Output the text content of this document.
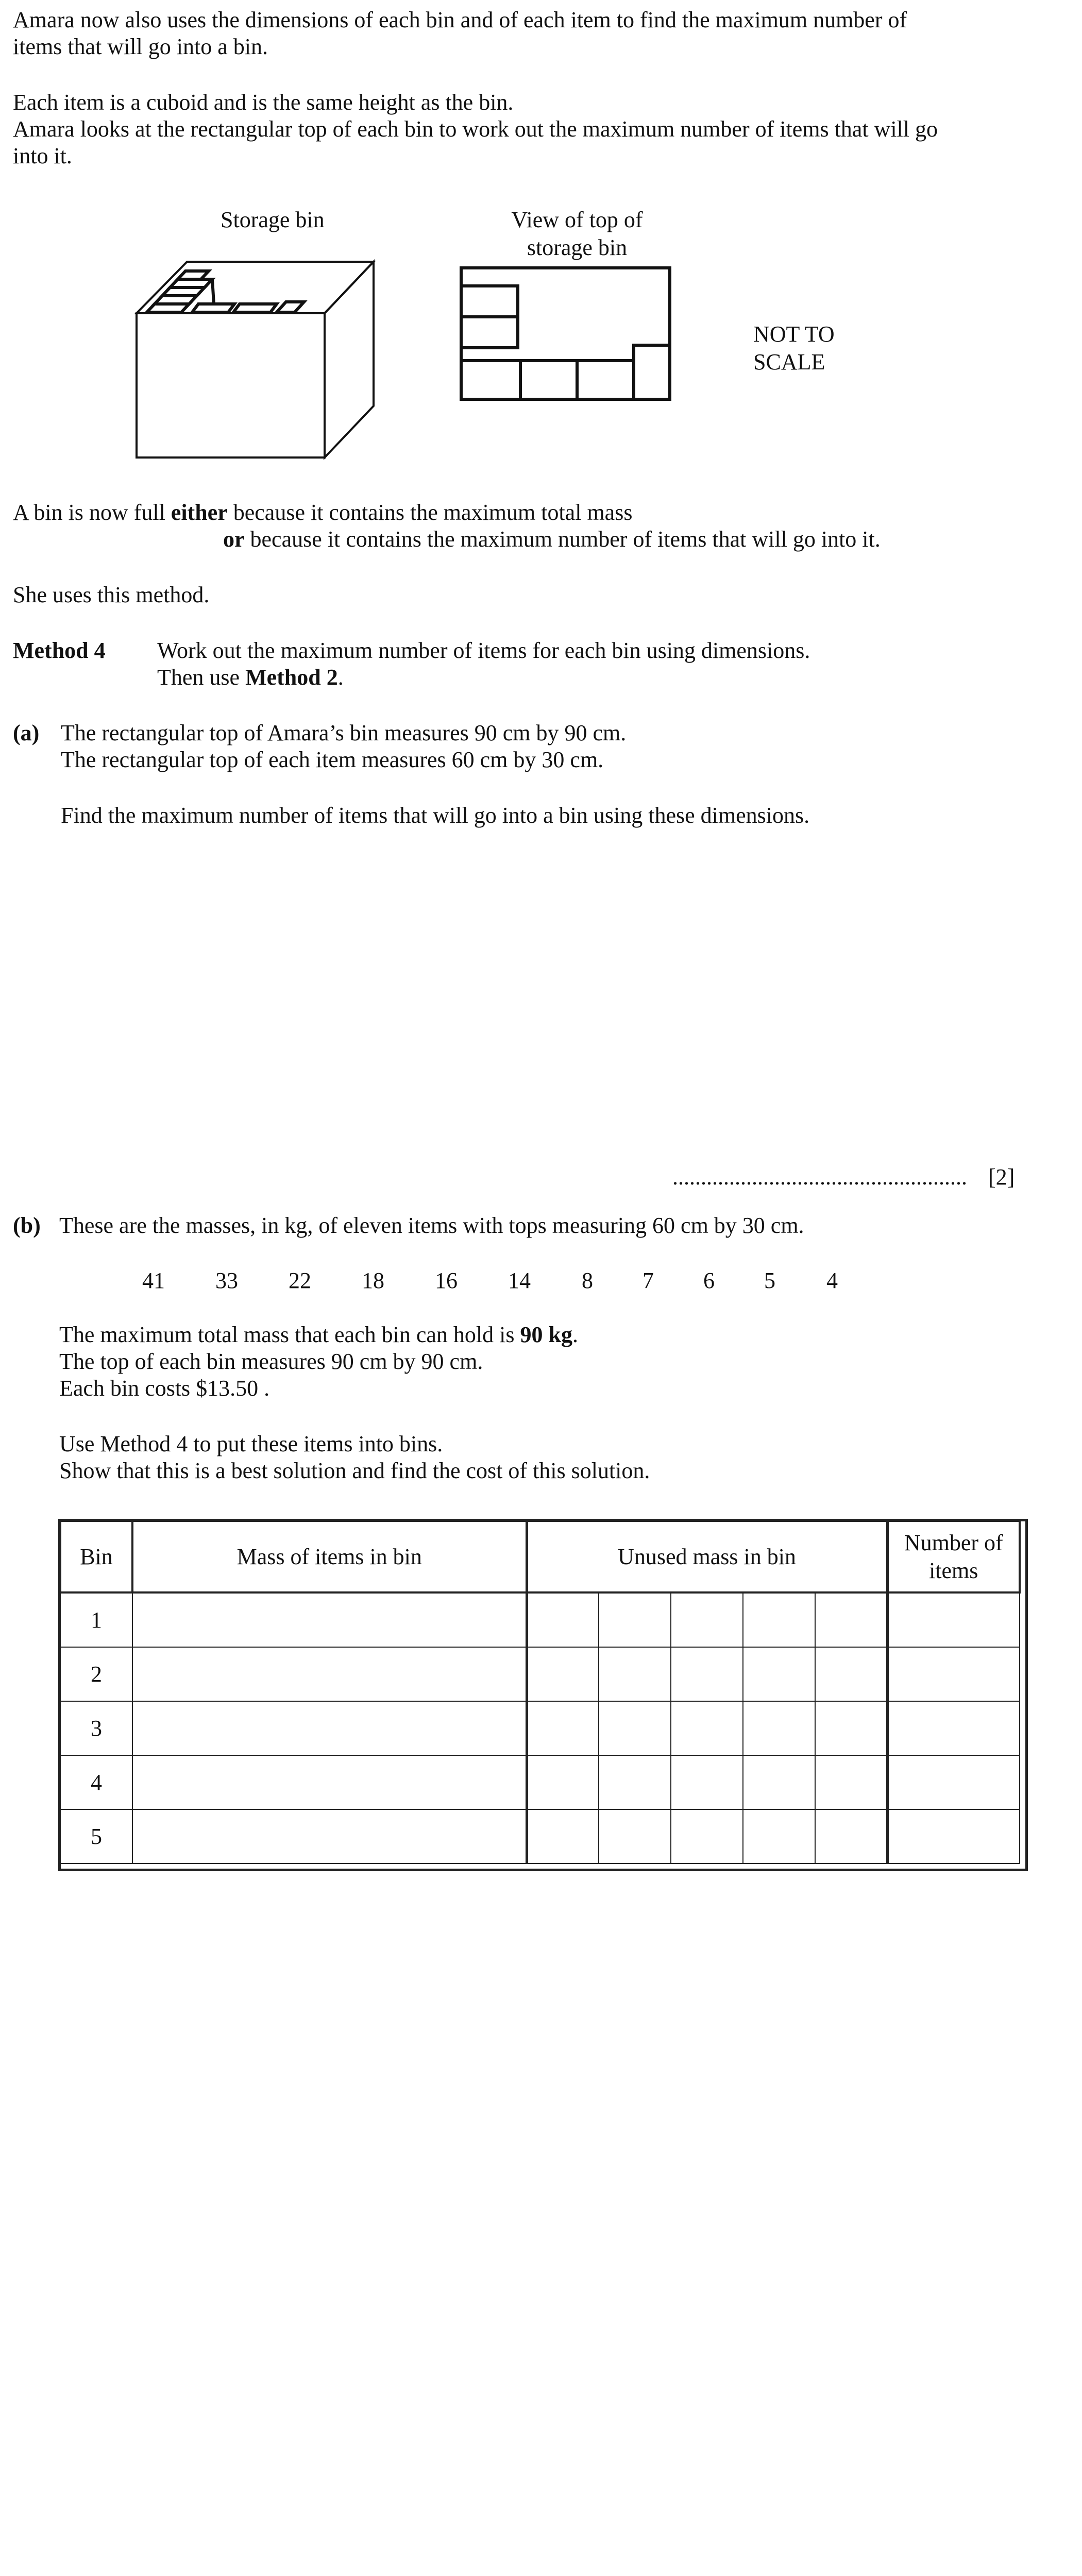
Amara now also uses the dimensions of each bin and of each item to find the maximum number of
items that will go into a bin.
Each item is a cuboid and is the same height as the bin.
Amara looks at the rectangular top of each bin to work out the maximum number of items that will go
into it.
Storage bin	View of top of
storage bin
NOT TO
SCALE
A bin is now full either because it contains the maximum total mass
or because it contains the maximum number of items that will go into it.
She uses this method.
Method 4 Work out the maximum number of items for each bin using dimensions.
Then use Method 2.
(a) The rectangular top of Amara’s bin measures 90 cm by 90 cm.
The rectangular top of each item measures 60 cm by 30 cm.
Find the maximum number of items that will go into a bin using these dimensions.
.................................................... [2]
(b) These are the masses, in kg, of eleven items with tops measuring 60 cm by 30 cm.
41	33	22	18	16	14	8	7	6	5	4
The maximum total mass that each bin can hold is 90 kg.
The top of each bin measures 90 cm by 90 cm.
Each bin costs $13.50 .
Use Method 4 to put these items into bins.
Show that this is a best solution and find the cost of this solution.
Bin	Mass of items in bin	Unused mass in bin					Number of
items

1							
2							
3							
4							
5							
